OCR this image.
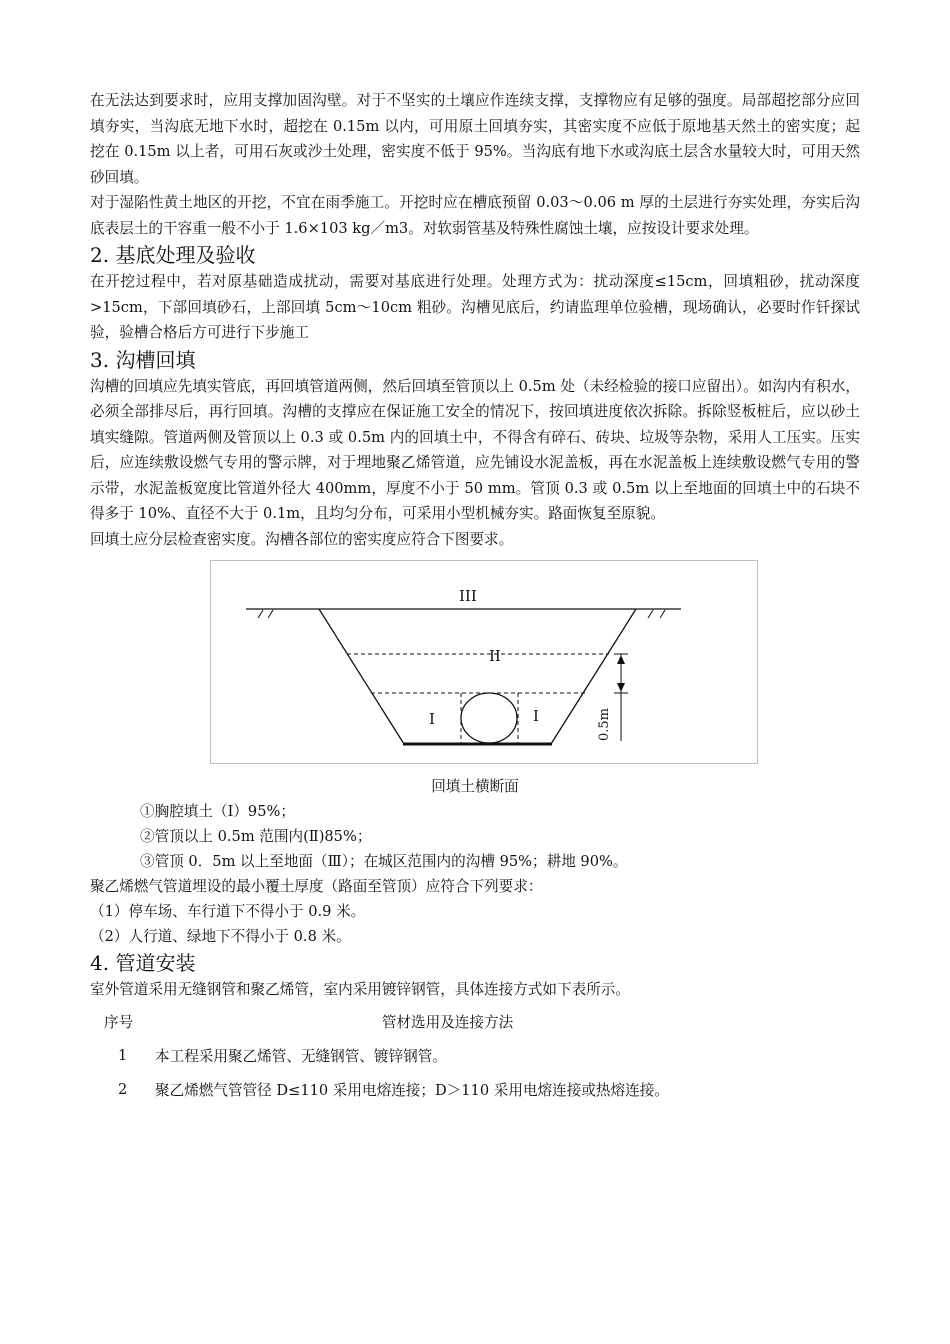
在无法达到要求时，应用支撑加固沟壁。对于不坚实的土壤应作连续支撑，支撑物应有足够的强度。局部超挖部分应回填夯实，当沟底无地下水时，超挖在 0.15m 以内，可用原土回填夯实，其密实度不应低于原地基天然土的密实度；起挖在 0.15m 以上者，可用石灰或沙土处理，密实度不低于 95%。当沟底有地下水或沟底土层含水量较大时，可用天然砂回填。

对于湿陷性黄土地区的开挖，不宜在雨季施工。开挖时应在槽底预留 0.03～0.06 m 厚的土层进行夯实处理，夯实后沟底表层土的干容重一般不小于 1.6×103 kg／m3。对软弱管基及特殊性腐蚀土壤，应按设计要求处理。

2. 基底处理及验收

在开挖过程中，若对原基础造成扰动，需要对基底进行处理。处理方式为：扰动深度≤15cm，回填粗砂，扰动深度>15cm，下部回填砂石，上部回填 5cm～10cm 粗砂。沟槽见底后，约请监理单位验槽，现场确认，必要时作钎探试验，验槽合格后方可进行下步施工

3. 沟槽回填

沟槽的回填应先填实管底，再回填管道两侧，然后回填至管顶以上 0.5m 处（未经检验的接口应留出）。如沟内有积水，必须全部排尽后，再行回填。沟槽的支撑应在保证施工安全的情况下，按回填进度依次拆除。拆除竖板桩后，应以砂土填实缝隙。管道两侧及管顶以上 0.3 或 0.5m 内的回填土中，不得含有碎石、砖块、垃圾等杂物，采用人工压实。压实后，应连续敷设燃气专用的警示牌，对于埋地聚乙烯管道，应先铺设水泥盖板，再在水泥盖板上连续敷设燃气专用的警示带，水泥盖板宽度比管道外径大 400mm，厚度不小于 50 mm。管顶 0.3 或 0.5m 以上至地面的回填土中的石块不得多于 10%、直径不大于 0.1m，且均匀分布，可采用小型机械夯实。路面恢复至原貌。

回填土应分层检查密实度。沟槽各部位的密实度应符合下图要求。

III
II
I	I	0.5m
回填土横断面
①胸腔填土（Ⅰ）95%；
②管顶以上 0.5m 范围内(Ⅱ)85%；
③管顶 0．5m 以上至地面（Ⅲ）；在城区范围内的沟槽 95%；耕地 90%。
聚乙烯燃气管道埋设的最小覆土厚度（路面至管顶）应符合下列要求：
（1）停车场、车行道下不得小于 0.9 米。
（2）人行道、绿地下不得小于 0.8 米。
4. 管道安装

室外管道采用无缝钢管和聚乙烯管，室内采用镀锌钢管，具体连接方式如下表所示。

序号	管材选用及连接方法
1	本工程采用聚乙烯管、无缝钢管、镀锌钢管。
2	聚乙烯燃气管管径 D≤110 采用电熔连接；D＞110 采用电熔连接或热熔连接。
